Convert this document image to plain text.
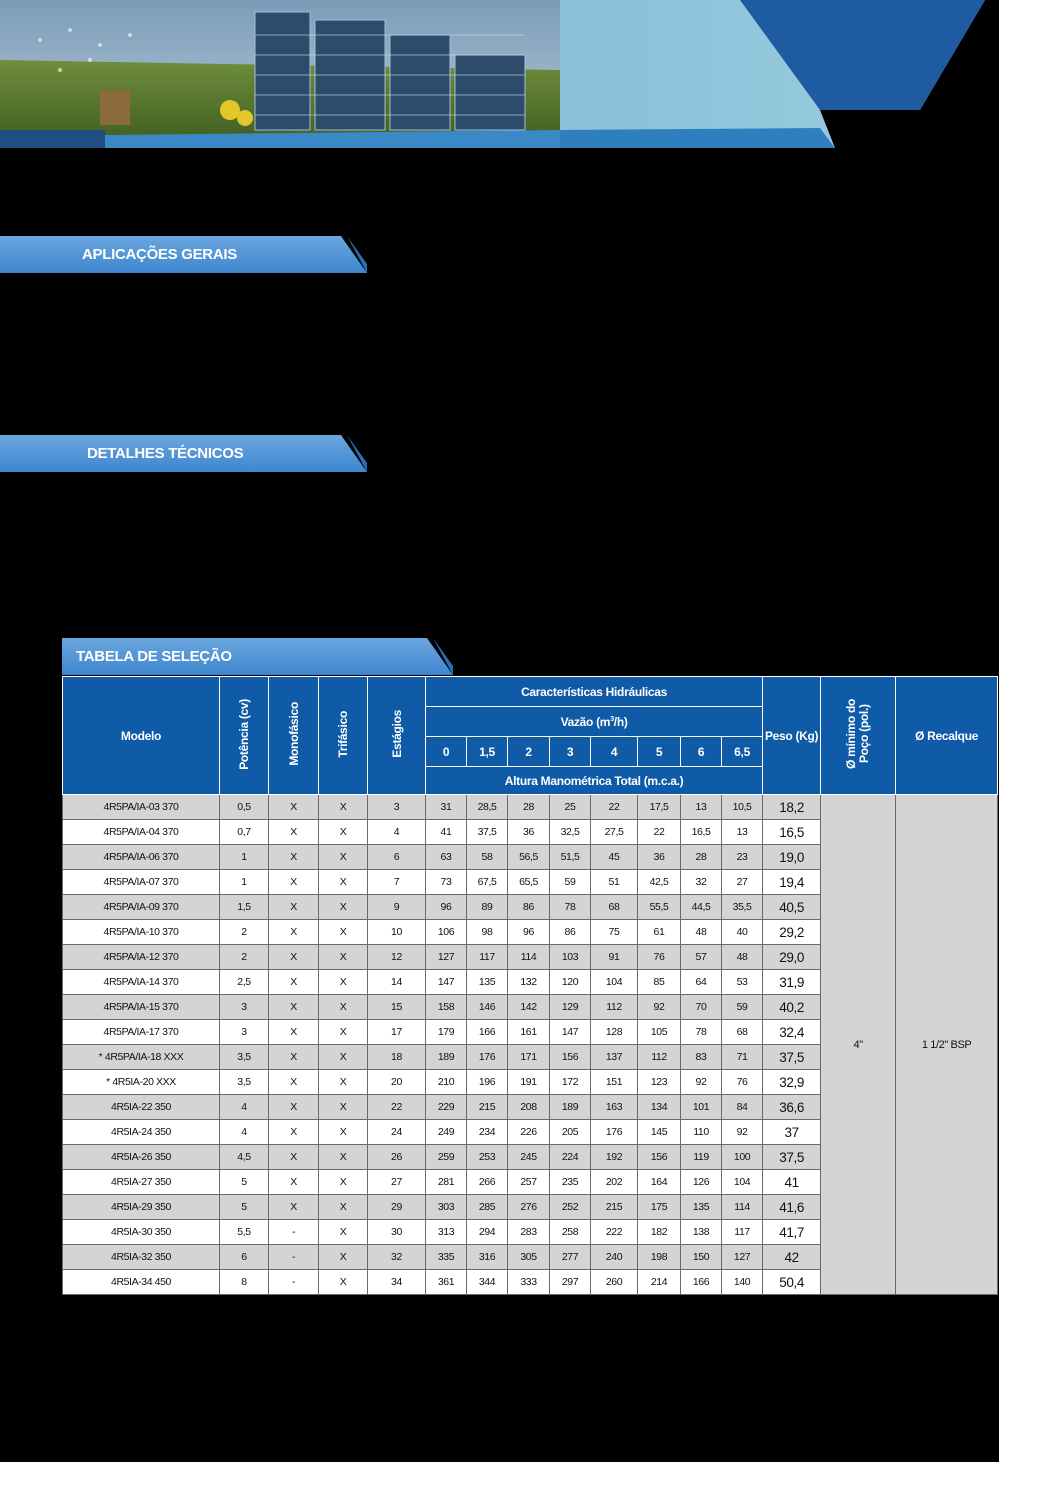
APLICAÇÕES GERAIS
DETALHES TÉCNICOS
TABELA DE SELEÇÃO
Modelo	Potência (cv)	Monofásico	Trifásico	Estágios	Características Hidráulicas								Peso (Kg)	Ø mínimo do Poço (pol.)	Ø Recalque
					Vazão $(m^3/h)$										
					0	1,5	2	3	4	5	6	6,5			
					Altura Manométrica Total (m.c.a.)										
4R5PA/IA-03 370	0,5	X	X	3	31	28,5	28	25	22	17,5	13	10,5	18,2	4"	1 1/2" BSP
4R5PA/IA-04 370	0,7	X	X	4	41	37,5	36	32,5	27,5	22	16,5	13	16,5		
4R5PA/IA-06 370	1	X	X	6	63	58	56,5	51,5	45	36	28	23	19,0		
4R5PA/IA-07 370	1	X	X	7	73	67,5	65,5	59	51	42,5	32	27	19,4		
4R5PA/IA-09 370	1,5	X	X	9	96	89	86	78	68	55,5	44,5	35,5	40,5		
4R5PA/IA-10 370	2	X	X	10	106	98	96	86	75	61	48	40	29,2		
4R5PA/IA-12 370	2	X	X	12	127	117	114	103	91	76	57	48	29,0		
4R5PA/IA-14 370	2,5	X	X	14	147	135	132	120	104	85	64	53	31,9		
4R5PA/IA-15 370	3	X	X	15	158	146	142	129	112	92	70	59	40,2		
4R5PA/IA-17 370	3	X	X	17	179	166	161	147	128	105	78	68	32,4		
* 4R5PA/IA-18 XXX	3,5	X	X	18	189	176	171	156	137	112	83	71	37,5		
* 4R5IA-20 XXX	3,5	X	X	20	210	196	191	172	151	123	92	76	32,9		
4R5IA-22 350	4	X	X	22	229	215	208	189	163	134	101	84	36,6		
4R5IA-24 350	4	X	X	24	249	234	226	205	176	145	110	92	37		
4R5IA-26 350	4,5	X	X	26	259	253	245	224	192	156	119	100	37,5		
4R5IA-27 350	5	X	X	27	281	266	257	235	202	164	126	104	41		
4R5IA-29 350	5	X	X	29	303	285	276	252	215	175	135	114	41,6		
4R5IA-30 350	5,5	-	X	30	313	294	283	258	222	182	138	117	41,7		
4R5IA-32 350	6	-	X	32	335	316	305	277	240	198	150	127	42		
4R5IA-34 450	8	-	X	34	361	344	333	297	260	214	166	140	50,4		
